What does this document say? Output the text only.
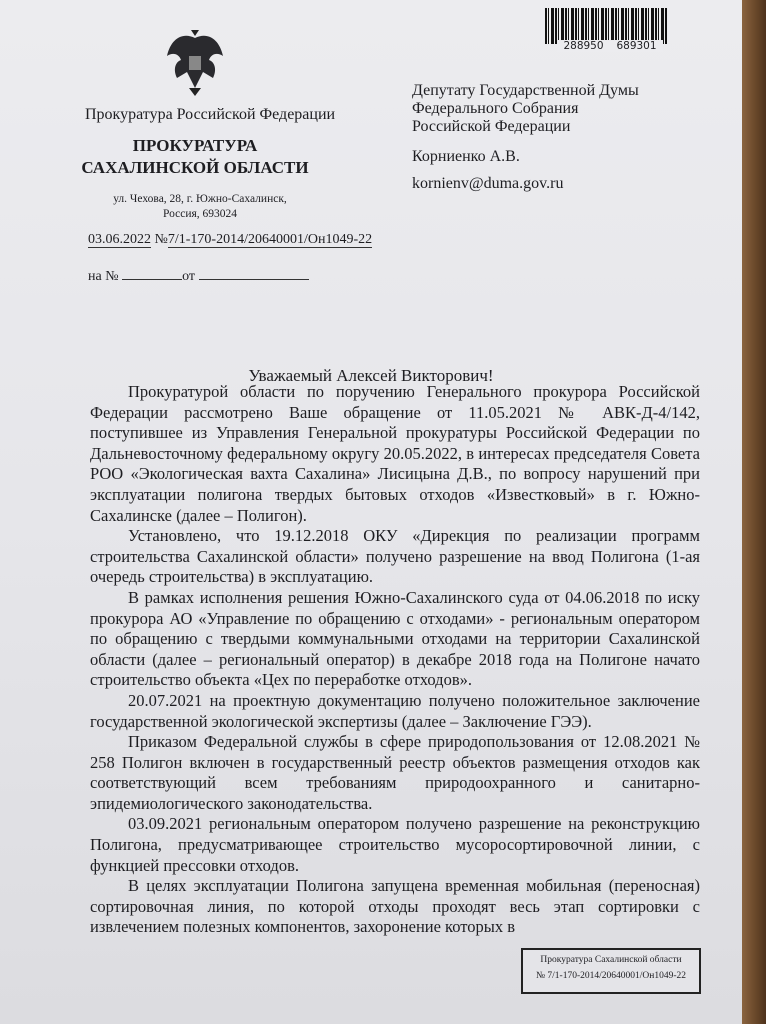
Прокуратура Российской Федерации
ПРОКУРАТУРА
САХАЛИНСКОЙ ОБЛАСТИ
ул. Чехова, 28, г. Южно-Сахалинск,
Россия, 693024
03.06.2022 №7/1-170-2014/20640001/Он1049-22
на №	от
288950 689301
Депутату Государственной Думы
Федерального Собрания
Российской Федерации
Корниенко А.В.
kornienv@duma.gov.ru
Уважаемый Алексей Викторович!

Прокуратурой области по поручению Генерального прокурора Российской Федерации рассмотрено Ваше обращение от 11.05.2021 № АВК-Д-4/142, поступившее из Управления Генеральной прокуратуры Российской Федерации по Дальневосточному федеральному округу 20.05.2022, в интересах председателя Совета РОО «Экологическая вахта Сахалина» Лисицына Д.В., по вопросу нарушений при эксплуатации полигона твердых бытовых отходов «Известковый» в г. Южно-Сахалинске (далее – Полигон).

Установлено, что 19.12.2018 ОКУ «Дирекция по реализации программ строительства Сахалинской области» получено разрешение на ввод Полигона (1-ая очередь строительства) в эксплуатацию.

В рамках исполнения решения Южно-Сахалинского суда от 04.06.2018 по иску прокурора АО «Управление по обращению с отходами» - региональным оператором по обращению с твердыми коммунальными отходами на территории Сахалинской области (далее – региональный оператор) в декабре 2018 года на Полигоне начато строительство объекта «Цех по переработке отходов».

20.07.2021 на проектную документацию получено положительное заключение государственной экологической экспертизы (далее – Заключение ГЭЭ).

Приказом Федеральной службы в сфере природопользования от 12.08.2021 № 258 Полигон включен в государственный реестр объектов размещения отходов как соответствующий всем требованиям природоохранного и санитарно-эпидемиологического законодательства.

03.09.2021 региональным оператором получено разрешение на реконструкцию Полигона, предусматривающее строительство мусоросортировочной линии, с функцией прессовки отходов.

В целях эксплуатации Полигона запущена временная мобильная (переносная) сортировочная линия, по которой отходы проходят весь этап сортировки с извлечением полезных компонентов, захоронение которых в

Прокуратура Сахалинской области
№ 7/1-170-2014/20640001/Он1049-22
